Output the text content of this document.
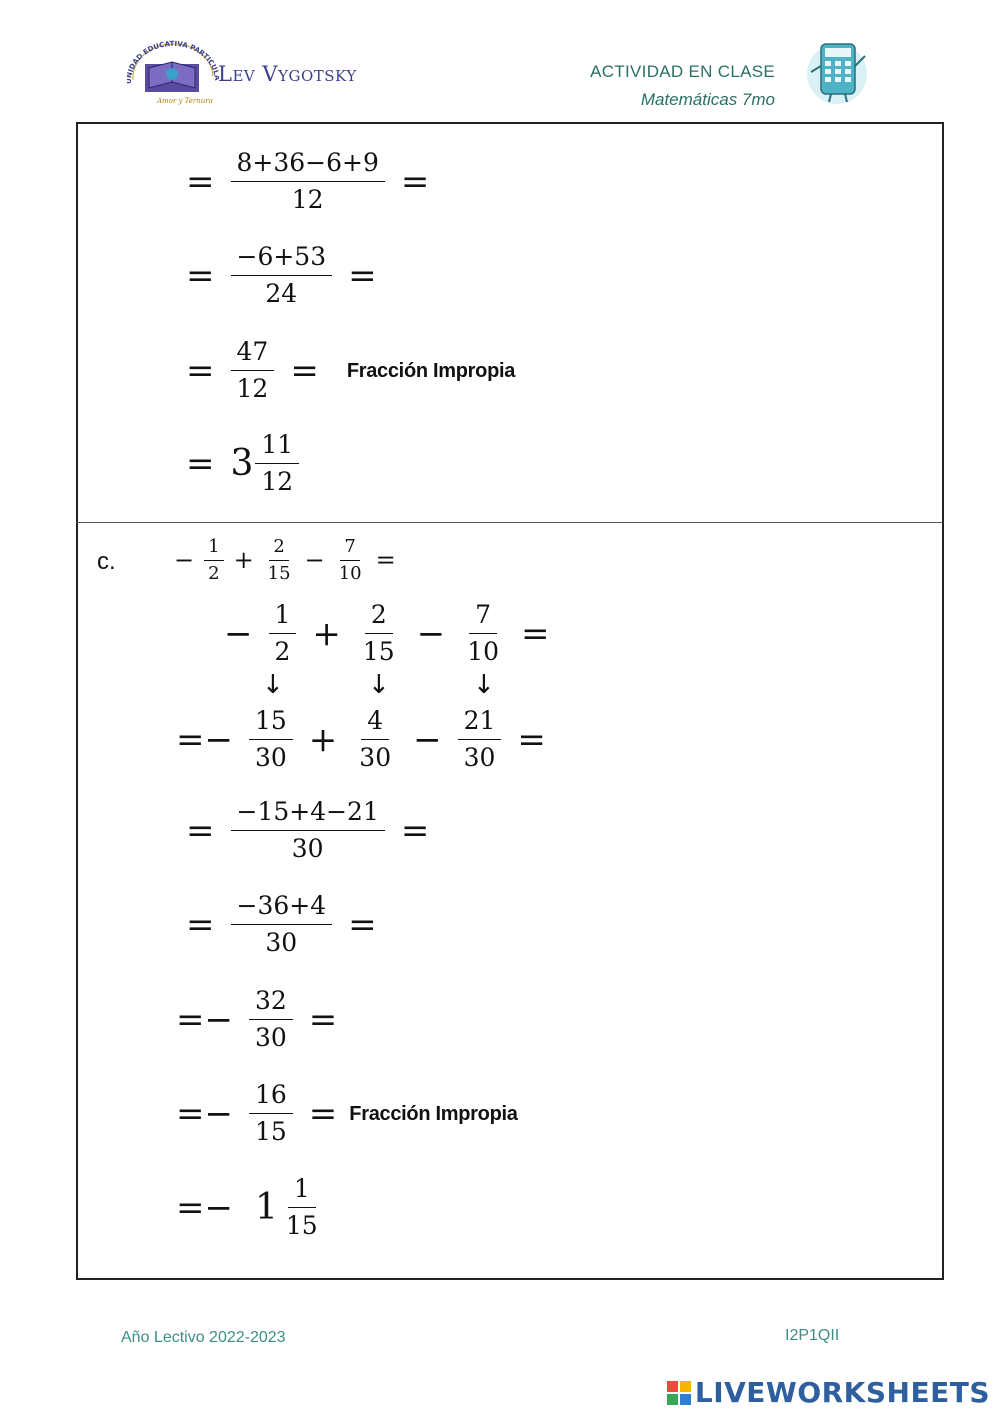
IDAD EDUCATIVA PARTICU
Amor y Ternura
Lev Vygotsky	ACTIVIDAD EN CLASE
Matemáticas 7mo
= $\frac{8+36-6+9}{12}$ =
= $\frac{-6+53}{24}$ =
= $\frac{47}{12}$ = Fracción Impropia
= $3 \frac{11}{12}$
c. − $\frac{1}{2} + \frac{2}{15} - \frac{7}{10}$ =
− $\frac{1}{2} + \frac{2}{15} - \frac{7}{10}$ =
↓	↓	↓
=− $\frac{15}{30} + \frac{4}{30} - \frac{21}{30}$ =
= $\frac{-15+4-21}{30}$ =
= $\frac{-36+4}{30}$ =
=− $\frac{32}{30}$ =
=− $\frac{16}{15}$ = Fracción Impropia
=− $1 \frac{1}{15}$
Año Lectivo 2022-2023	I2P1QII
LIVEWORKSHEETS
